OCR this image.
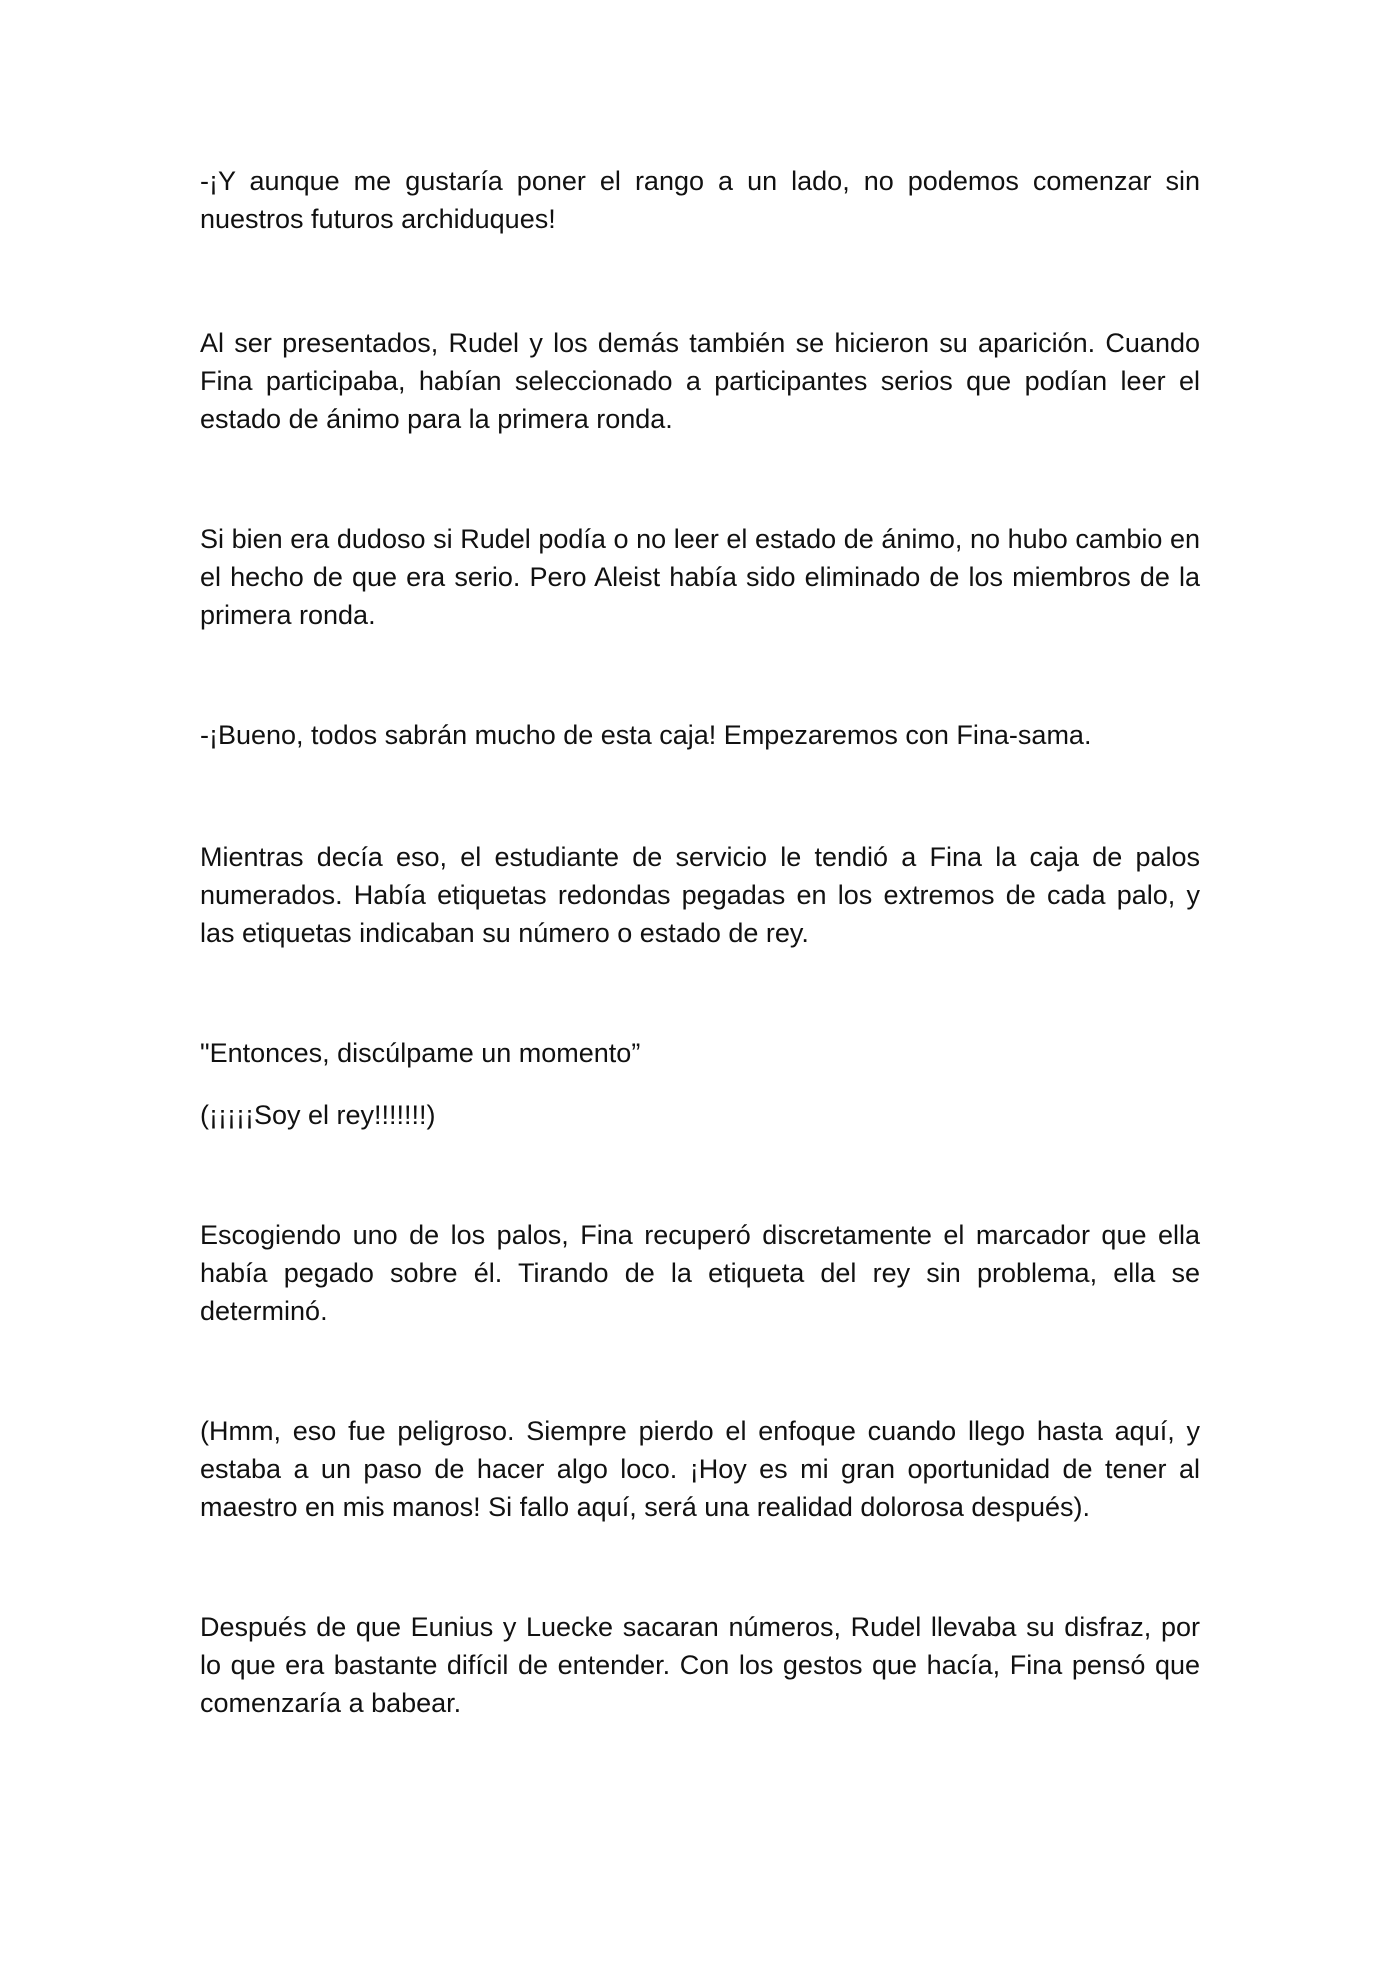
-¡Y aunque me gustaría poner el rango a un lado, no podemos comenzar sin nuestros futuros archiduques!

Al ser presentados, Rudel y los demás también se hicieron su aparición. Cuando Fina participaba, habían seleccionado a participantes serios que podían leer el estado de ánimo para la primera ronda.

Si bien era dudoso si Rudel podía o no leer el estado de ánimo, no hubo cambio en el hecho de que era serio. Pero Aleist había sido eliminado de los miembros de la primera ronda.

-¡Bueno, todos sabrán mucho de esta caja! Empezaremos con Fina-sama.

Mientras decía eso, el estudiante de servicio le tendió a Fina la caja de palos numerados. Había etiquetas redondas pegadas en los extremos de cada palo, y las etiquetas indicaban su número o estado de rey.

"Entonces, discúlpame un momento”

(¡¡¡¡¡Soy el rey!!!!!!!)

Escogiendo uno de los palos, Fina recuperó discretamente el marcador que ella había pegado sobre él. Tirando de la etiqueta del rey sin problema, ella se determinó.

(Hmm, eso fue peligroso. Siempre pierdo el enfoque cuando llego hasta aquí, y estaba a un paso de hacer algo loco. ¡Hoy es mi gran oportunidad de tener al maestro en mis manos! Si fallo aquí, será una realidad dolorosa después).

Después de que Eunius y Luecke sacaran números, Rudel llevaba su disfraz, por lo que era bastante difícil de entender. Con los gestos que hacía, Fina pensó que comenzaría a babear.
